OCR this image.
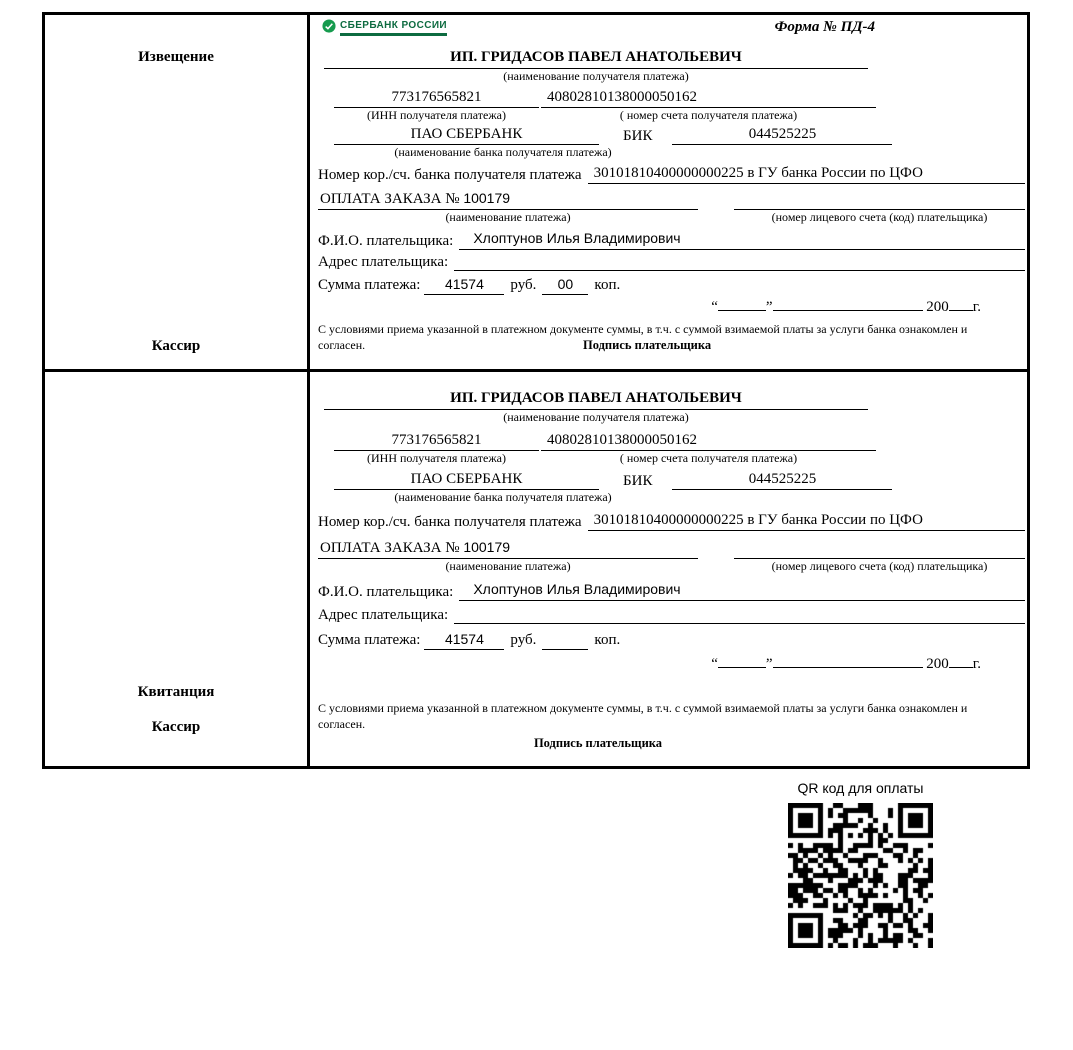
Извещение
Кассир
СБЕРБАНК РОССИИ	Форма № ПД-4
ИП. ГРИДАСОВ ПАВЕЛ АНАТОЛЬЕВИЧ
(наименование получателя платежа)
773176565821	40802810138000050162
(ИНН получателя платежа)	( номер счета получателя платежа)
ПАО СБЕРБАНК	БИК	044525225
(наименование банка получателя платежа)
Номер кор./сч. банка получателя платежа 30101810400000000225 в ГУ банка России по ЦФО
ОПЛАТА ЗАКАЗА № 100179
(наименование платежа)	(номер лицевого счета (код) плательщика)
Ф.И.О. плательщика:	Хлоптунов Илья Владимирович
Адрес плательщика:
Сумма платежа:	41574	руб.	00	коп.
“	”	200 г.
С условиями приема указанной в платежном документе суммы, в т.ч. с суммой взимаемой платы за услуги банка ознакомлен и согласен.	Подпись плательщика
Квитанция
Кассир
ИП. ГРИДАСОВ ПАВЕЛ АНАТОЛЬЕВИЧ
(наименование получателя платежа)
773176565821	40802810138000050162
(ИНН получателя платежа)	( номер счета получателя платежа)
ПАО СБЕРБАНК	БИК	044525225
(наименование банка получателя платежа)
Номер кор./сч. банка получателя платежа 30101810400000000225 в ГУ банка России по ЦФО
ОПЛАТА ЗАКАЗА № 100179
(наименование платежа)	(номер лицевого счета (код) плательщика)
Ф.И.О. плательщика:	Хлоптунов Илья Владимирович
Адрес плательщика:
Сумма платежа:	41574	руб.	коп.
“	”	200 г.
С условиями приема указанной в платежном документе суммы, в т.ч. с суммой взимаемой платы за услуги банка ознакомлен и согласен.
Подпись плательщика
QR код для оплаты
